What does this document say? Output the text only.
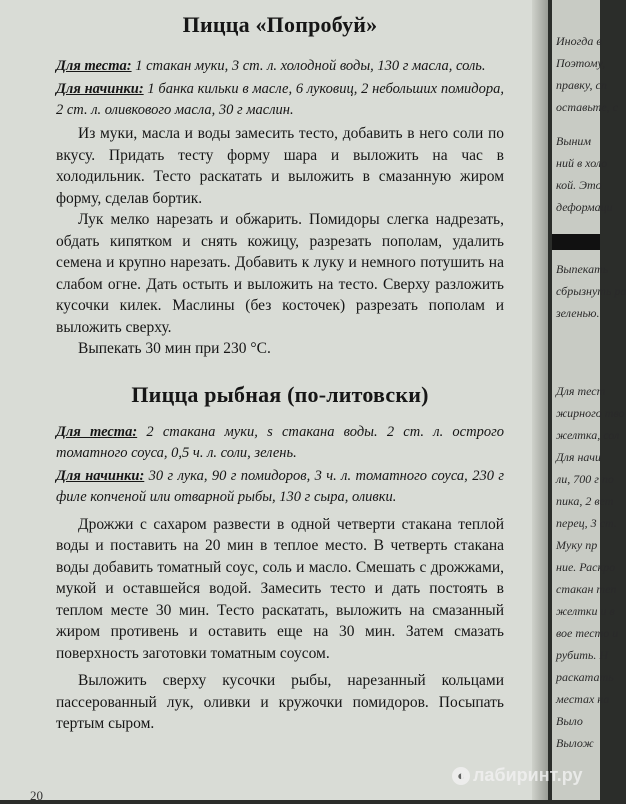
Пицца «Попробуй»

Для теста: 1 стакан муки, 3 ст. л. холодной воды, 130 г масла, соль.

Для начинки: 1 банка кильки в масле, 6 луковиц, 2 небольших помидора, 2 ст. л. оливкового масла, 30 г маслин.

Из муки, масла и воды замесить тесто, добавить в него соли по вкусу. Придать тесту форму шара и выложить на час в холодильник. Тесто раскатать и выложить в смазанную жиром форму, сделав бортик.

Лук мелко нарезать и обжарить. Помидоры слегка надрезать, обдать кипятком и снять кожицу, разрезать пополам, удалить семена и крупно нарезать. Добавить к луку и немного потушить на слабом огне. Дать остыть и выложить на тесто. Сверху разложить кусочки килек. Маслины (без косточек) разрезать пополам и выложить сверху.

Выпекать 30 мин при 230 °С.

Пицца рыбная (по-литовски)

Для теста: 2 стакана муки, s стакана воды. 2 ст. л. острого томатного соуса, 0,5 ч. л. соли, зелень.

Для начинки: 30 г лука, 90 г помидоров, 3 ч. л. томатного соуса, 230 г филе копченой или отварной рыбы, 130 г сыра, оливки.

Дрожжи с сахаром развести в одной четверти стакана теплой воды и поставить на 20 мин в теплое место. В четверть стакана воды добавить томатный соус, соль и масло. Смешать с дрожжами, мукой и оставшейся водой. Замесить тесто и дать постоять в теплом месте 30 мин. Тесто раскатать, выложить на смазанный жиром противень и оставить еще на 30 мин. Затем смазать поверхность заготовки томатным соусом.

Выложить сверху кусочки рыбы, нарезанный кольцами пассерованный лук, оливки и кружочки помидоров. Посыпать тертым сыром.

20
Иногда в
Поэтому,
правку, сп
оставьте, с
Выним
ний в холо
кой. Это
деформаци
Выпекать
сбрызнуть ра
зеленью.
Для тест
жирного тво
желтка, сол
Для начи
ли, 700 г по
пика, 2 вет
перец, 3 ст.
Муку пр
ние. Раскро
стакан теп
желтки и в
вое тесто и
рубить. Н
раскатать
местах на
Выло
Вылож
◐ лабиринт.ру
